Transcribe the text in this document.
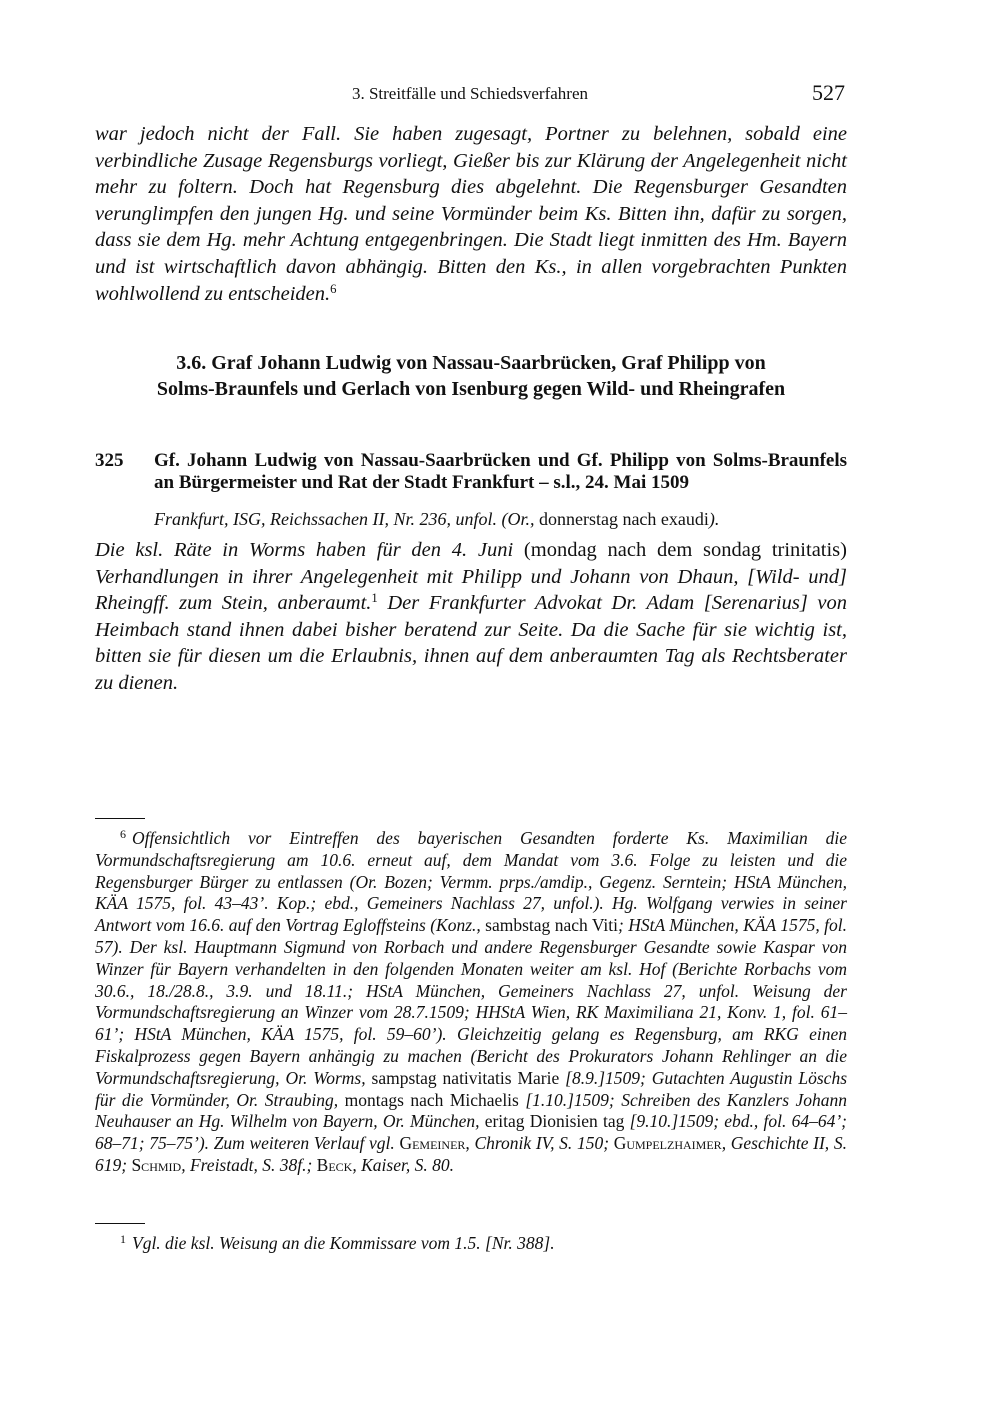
3. Streitfälle und Schiedsverfahren	527
war jedoch nicht der Fall. Sie haben zugesagt, Portner zu belehnen, sobald eine verbindliche Zusage Regensburgs vorliegt, Gießer bis zur Klärung der Angelegenheit nicht mehr zu foltern. Doch hat Regensburg dies abgelehnt. Die Regensburger Gesandten verunglimpfen den jungen Hg. und seine Vormünder beim Ks. Bitten ihn, dafür zu sorgen, dass sie dem Hg. mehr Achtung entgegenbringen. Die Stadt liegt inmitten des Hm. Bayern und ist wirtschaftlich davon abhängig. Bitten den Ks., in allen vorgebrachten Punkten wohlwollend zu entscheiden.$^6$
3.6. Graf Johann Ludwig von Nassau-Saarbrücken, Graf Philipp von
Solms-Braunfels und Gerlach von Isenburg gegen Wild- und Rheingrafen
325 Gf. Johann Ludwig von Nassau-Saarbrücken und Gf. Philipp von Solms-Braunfels an Bürgermeister und Rat der Stadt Frankfurt – s.l., 24. Mai 1509
Frankfurt, ISG, Reichssachen II, Nr. 236, unfol. (Or., donnerstag nach exaudi).
Die ksl. Räte in Worms haben für den 4. Juni (mondag nach dem sondag trinitatis) Verhandlungen in ihrer Angelegenheit mit Philipp und Johann von Dhaun, [Wild- und] Rheingff. zum Stein, anberaumt.$^1$ Der Frankfurter Advokat Dr. Adam [Serenarius] von Heimbach stand ihnen dabei bisher beratend zur Seite. Da die Sache für sie wichtig ist, bitten sie für diesen um die Erlaubnis, ihnen auf dem anberaumten Tag als Rechtsberater zu dienen.
$^6$ Offensichtlich vor Eintreffen des bayerischen Gesandten forderte Ks. Maximilian die Vormundschaftsregierung am 10.6. erneut auf, dem Mandat vom 3.6. Folge zu leisten und die Regensburger Bürger zu entlassen (Or. Bozen; Vermm. prps./amdip., Gegenz. Serntein; HStA München, KÄA 1575, fol. 43–43’. Kop.; ebd., Gemeiners Nachlass 27, unfol.). Hg. Wolfgang verwies in seiner Antwort vom 16.6. auf den Vortrag Egloffsteins (Konz., sambstag nach Viti; HStA München, KÄA 1575, fol. 57). Der ksl. Hauptmann Sigmund von Rorbach und andere Regensburger Gesandte sowie Kaspar von Winzer für Bayern verhandelten in den folgenden Monaten weiter am ksl. Hof (Berichte Rorbachs vom 30.6., 18./28.8., 3.9. und 18.11.; HStA München, Gemeiners Nachlass 27, unfol. Weisung der Vormundschaftsregierung an Winzer vom 28.7.1509; HHStA Wien, RK Maximiliana 21, Konv. 1, fol. 61–61’; HStA München, KÄA 1575, fol. 59–60’). Gleichzeitig gelang es Regensburg, am RKG einen Fiskalprozess gegen Bayern anhängig zu machen (Bericht des Prokurators Johann Rehlinger an die Vormundschaftsregierung, Or. Worms, sampstag nativitatis Marie [8.9.]1509; Gutachten Augustin Löschs für die Vormünder, Or. Straubing, montags nach Michaelis [1.10.]1509; Schreiben des Kanzlers Johann Neuhauser an Hg. Wilhelm von Bayern, Or. München, eritag Dionisien tag [9.10.]1509; ebd., fol. 64–64’; 68–71; 75–75’). Zum weiteren Verlauf vgl. Gemeiner, Chronik IV, S. 150; Gumpelzhaimer, Geschichte II, S. 619; Schmid, Freistadt, S. 38f.; Beck, Kaiser, S. 80.
$^1$ Vgl. die ksl. Weisung an die Kommissare vom 1.5. [Nr. 388].
